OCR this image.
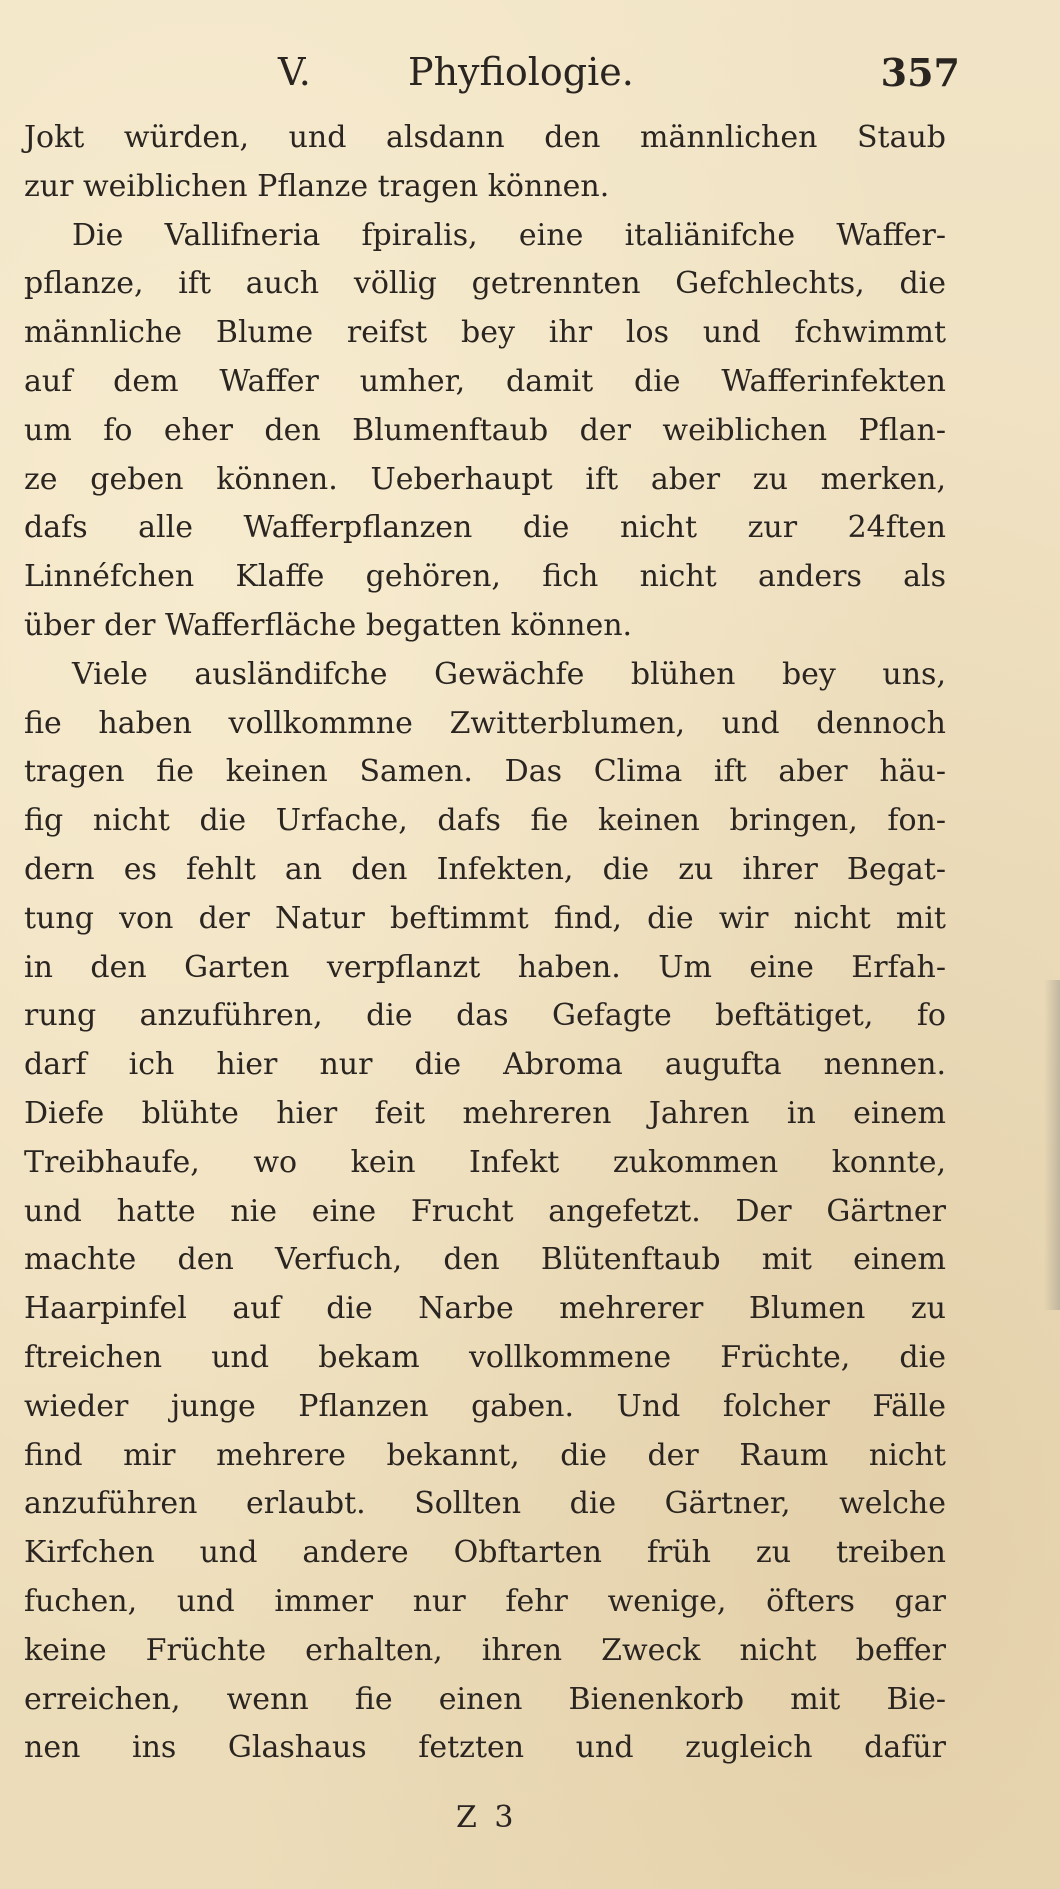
V.	Phyfiologie.	357
Jokt würden, und alsdann den männlichen Staub
zur weiblichen Pflanze tragen können.
Die Vallifneria fpiralis, eine italiänifche Waffer-
pflanze, ift auch völlig getrennten Gefchlechts, die
männliche Blume reifst bey ihr los und fchwimmt
auf dem Waffer umher, damit die Wafferinfekten
um fo eher den Blumenftaub der weiblichen Pflan-
ze geben können. Ueberhaupt ift aber zu merken,
dafs alle Wafferpflanzen die nicht zur 24ften
Linnéfchen Klaffe gehören, fich nicht anders als
über der Wafferfläche begatten können.
Viele ausländifche Gewächfe blühen bey uns,
fie haben vollkommne Zwitterblumen, und dennoch
tragen fie keinen Samen. Das Clima ift aber häu-
fig nicht die Urfache, dafs fie keinen bringen, fon-
dern es fehlt an den Infekten, die zu ihrer Begat-
tung von der Natur beftimmt find, die wir nicht mit
in den Garten verpflanzt haben. Um eine Erfah-
rung anzuführen, die das Gefagte beftätiget, fo
darf ich hier nur die Abroma augufta nennen.
Diefe blühte hier feit mehreren Jahren in einem
Treibhaufe, wo kein Infekt zukommen konnte,
und hatte nie eine Frucht angefetzt. Der Gärtner
machte den Verfuch, den Blütenftaub mit einem
Haarpinfel auf die Narbe mehrerer Blumen zu
ftreichen und bekam vollkommene Früchte, die
wieder junge Pflanzen gaben. Und folcher Fälle
find mir mehrere bekannt, die der Raum nicht
anzuführen erlaubt. Sollten die Gärtner, welche
Kirfchen und andere Obftarten früh zu treiben
fuchen, und immer nur fehr wenige, öfters gar
keine Früchte erhalten, ihren Zweck nicht beffer
erreichen, wenn fie einen Bienenkorb mit Bie-
nen ins Glashaus fetzten und zugleich dafür
Z 3
